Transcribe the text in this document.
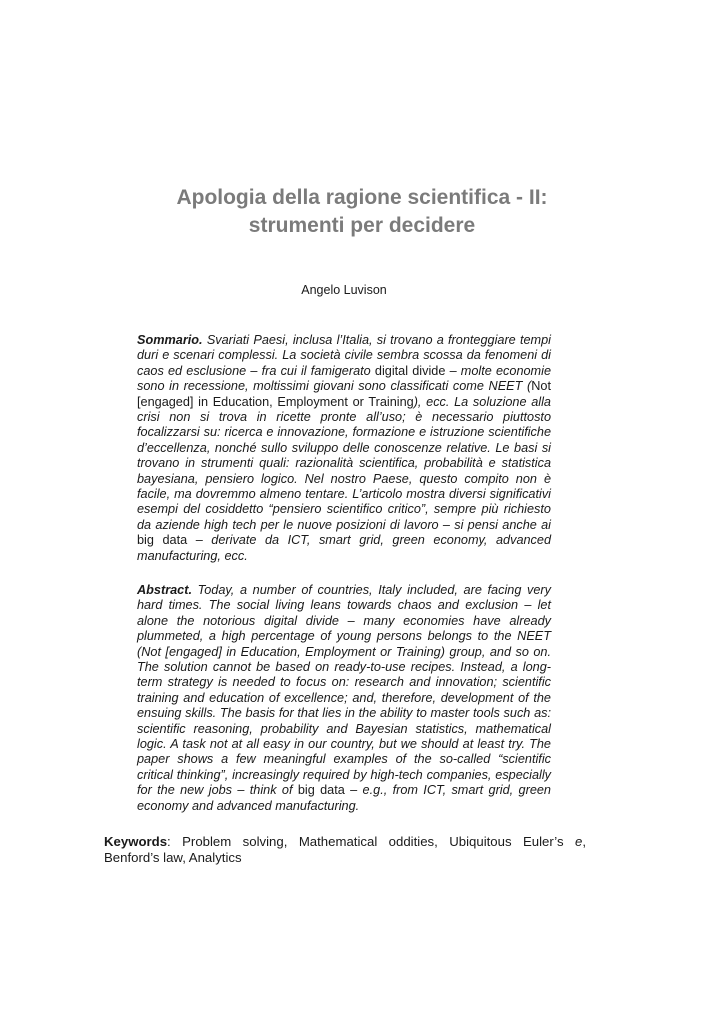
Apologia della ragione scientifica - II:
strumenti per decidere
Angelo Luvison
Sommario. Svariati Paesi, inclusa l’Italia, si trovano a fronteggiare tempi duri e scenari complessi. La società civile sembra scossa da fenomeni di caos ed esclusione – fra cui il famigerato digital divide – molte economie sono in recessione, moltissimi giovani sono classificati come NEET (Not [engaged] in Education, Employment or Training), ecc. La soluzione alla crisi non si trova in ricette pronte all’uso; è necessario piuttosto focalizzarsi su: ricerca e innovazione, formazione e istruzione scientifiche d’eccellenza, nonché sullo sviluppo delle conoscenze relative. Le basi si trovano in strumenti quali: razionalità scientifica, probabilità e statistica bayesiana, pensiero logico. Nel nostro Paese, questo compito non è facile, ma dovremmo almeno tentare. L’articolo mostra diversi significativi esempi del cosiddetto “pensiero scientifico critico”, sempre più richiesto da aziende high tech per le nuove posizioni di lavoro – si pensi anche ai big data – derivate da ICT, smart grid, green economy, advanced manufacturing, ecc.
Abstract. Today, a number of countries, Italy included, are facing very hard times. The social living leans towards chaos and exclusion – let alone the notorious digital divide – many economies have already plummeted, a high percentage of young persons belongs to the NEET (Not [engaged] in Education, Employment or Training) group, and so on. The solution cannot be based on ready-to-use recipes. Instead, a long-term strategy is needed to focus on: research and innovation; scientific training and education of excellence; and, therefore, development of the ensuing skills. The basis for that lies in the ability to master tools such as: scientific reasoning, probability and Bayesian statistics, mathematical logic. A task not at all easy in our country, but we should at least try. The paper shows a few meaningful examples of the so-called “scientific critical thinking”, increasingly required by high-tech companies, especially for the new jobs – think of big data – e.g., from ICT, smart grid, green economy and advanced manufacturing.
Keywords: Problem solving, Mathematical oddities, Ubiquitous Euler’s e, Benford’s law, Analytics
